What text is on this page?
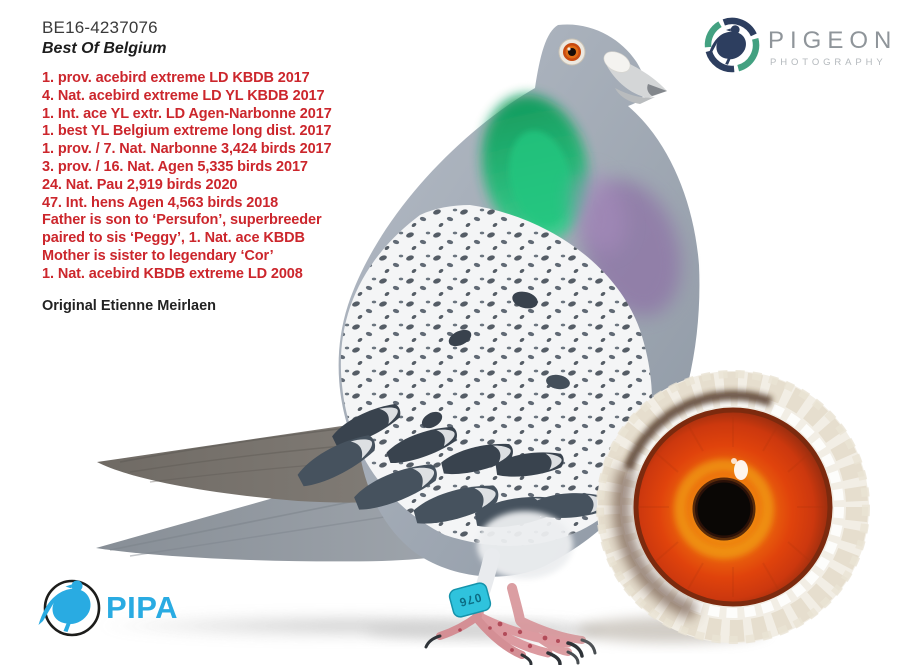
076
BE16-4237076
Best Of Belgium
1. prov. acebird extreme LD KBDB 2017
4. Nat. acebird extreme LD YL KBDB 2017
1. Int. ace YL extr. LD Agen-Narbonne 2017
1. best YL Belgium extreme long dist. 2017
1. prov. / 7. Nat. Narbonne 3,424 birds 2017
3. prov. / 16. Nat. Agen 5,335 birds 2017
24. Nat. Pau 2,919 birds 2020
47. Int. hens Agen 4,563 birds 2018
Father is son to ‘Persufon’, superbreeder
paired to sis ‘Peggy’, 1. Nat. ace KBDB
Mother is sister to legendary ‘Cor’
1. Nat. acebird KBDB extreme LD 2008
Original Etienne Meirlaen
PIGEON
PHOTOGRAPHY
PIPA
